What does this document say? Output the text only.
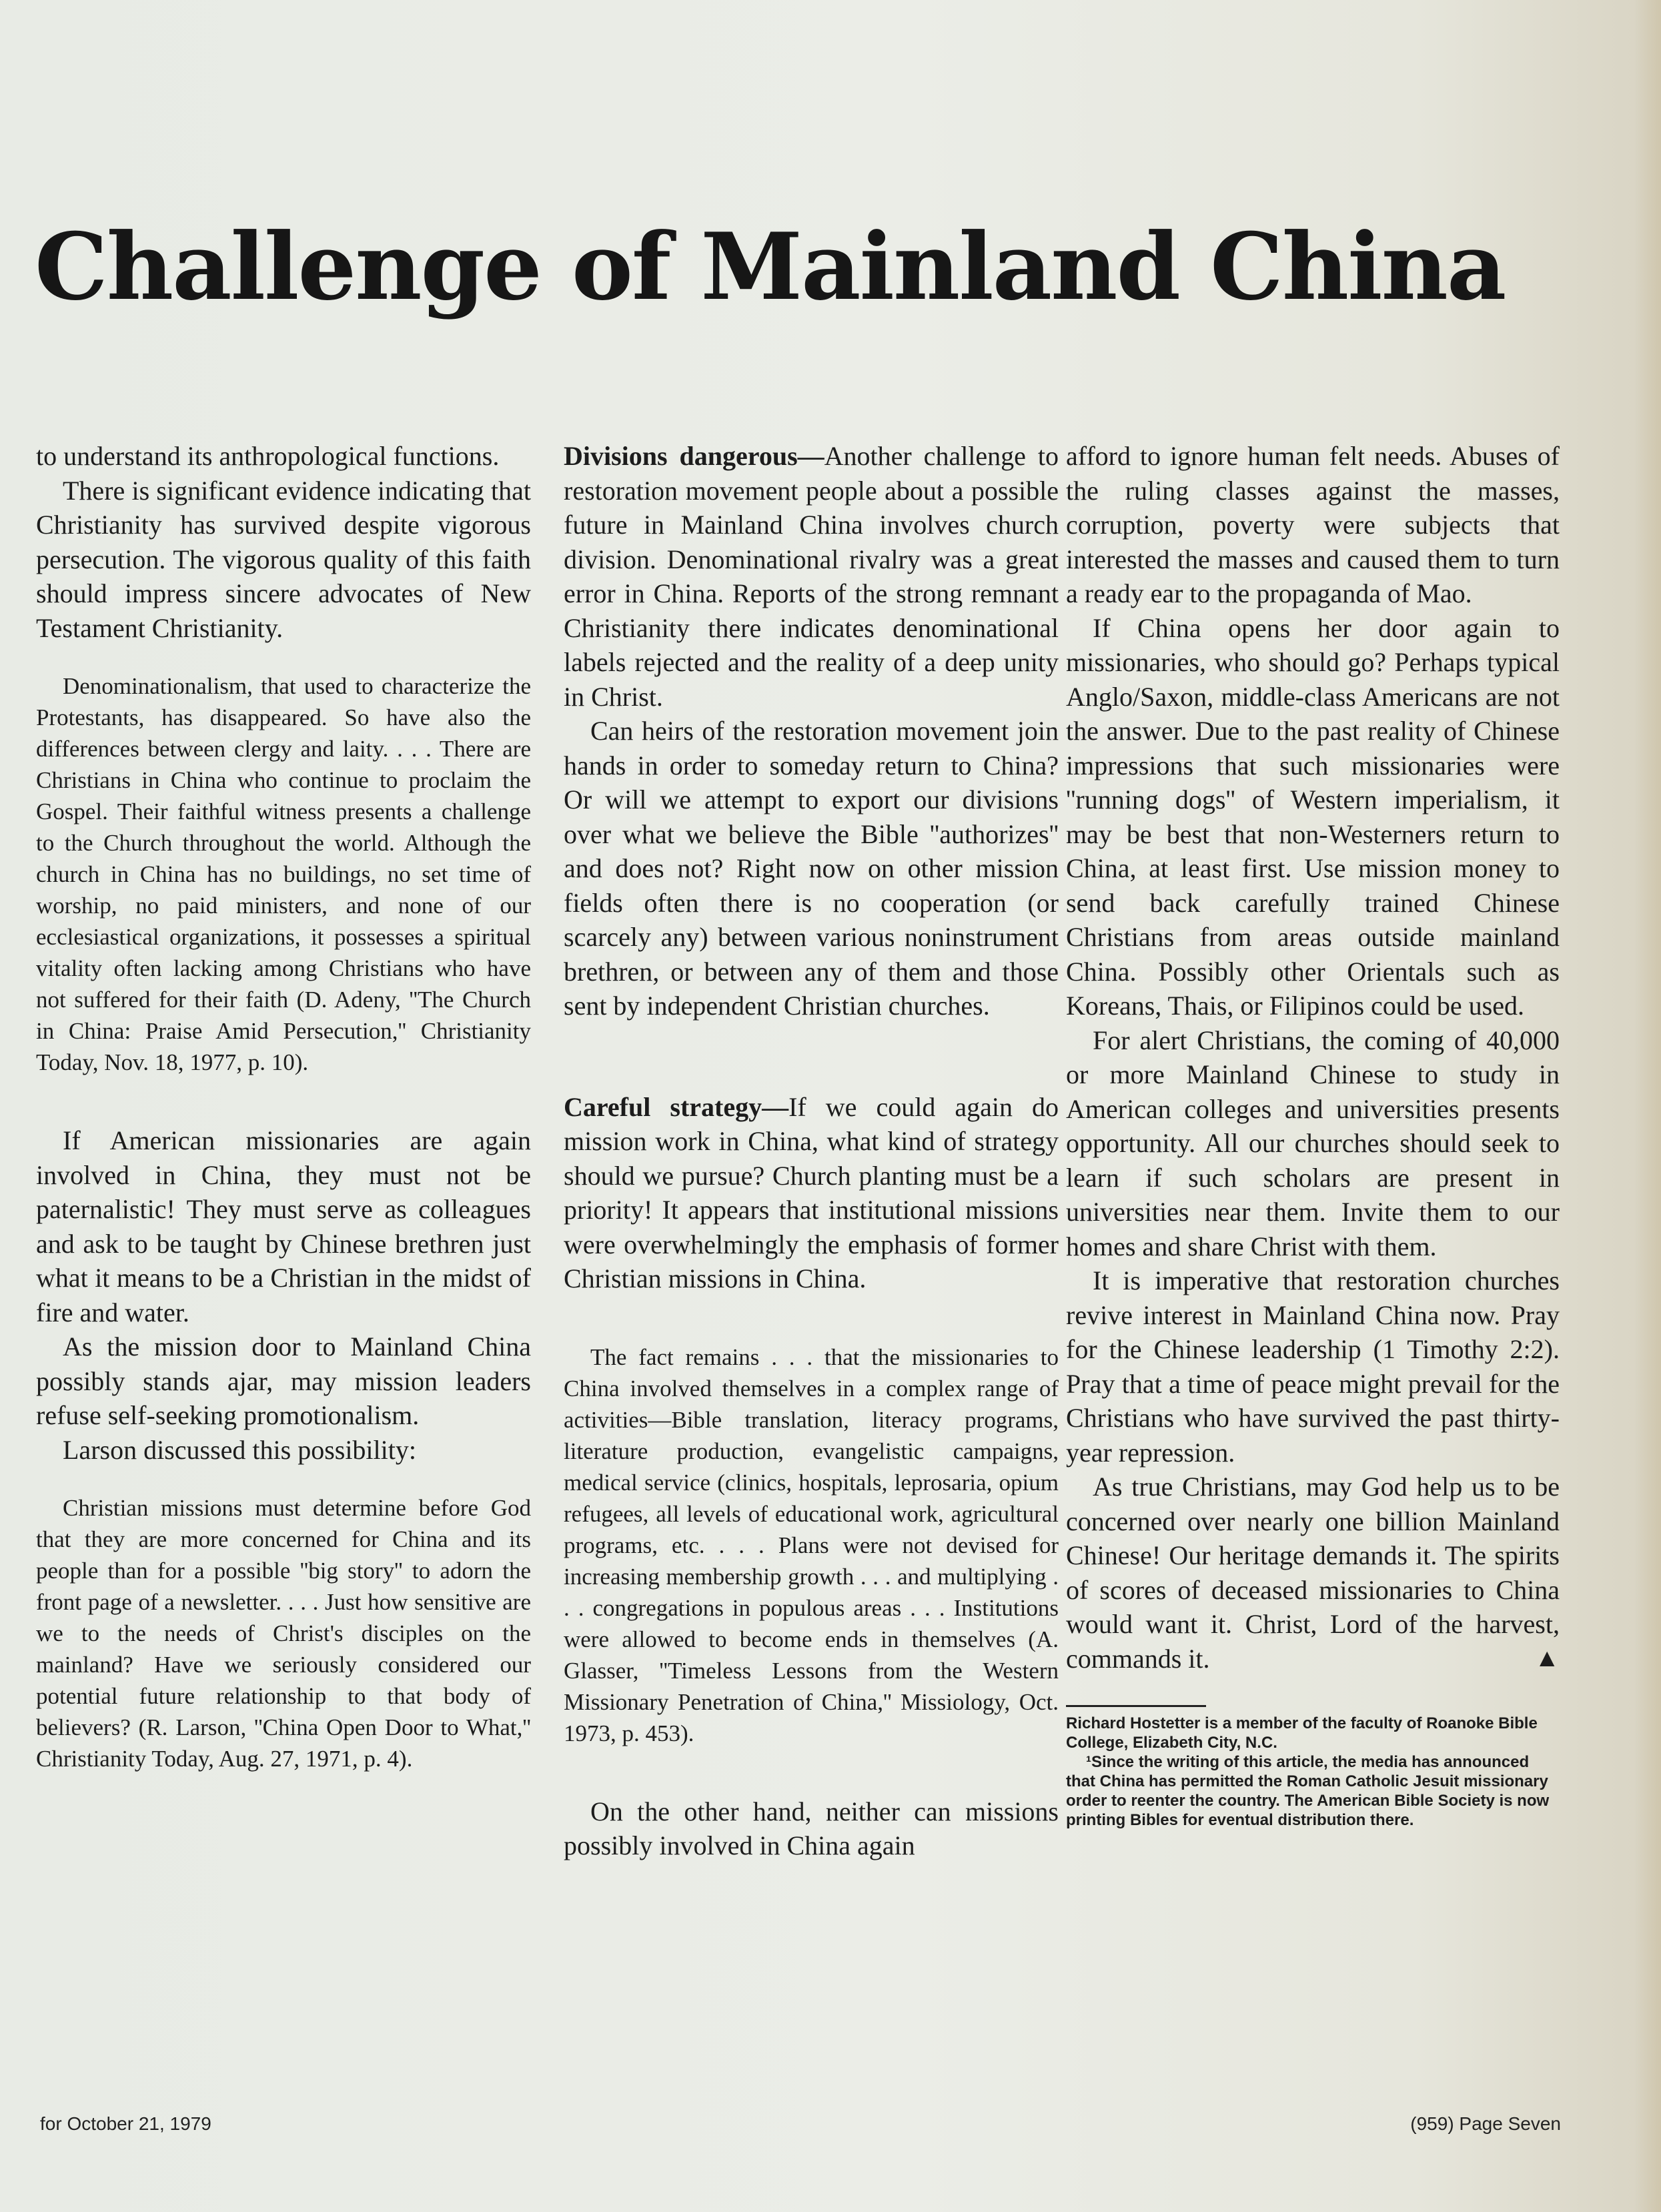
Challenge of Mainland China

to understand its anthropological functions.

There is significant evidence indicating that Christianity has survived despite vigorous persecution. The vigorous quality of this faith should impress sincere advocates of New Testament Christianity.

Denominationalism, that used to characterize the Protestants, has disappeared. So have also the differences between clergy and laity. . . . There are Christians in China who continue to proclaim the Gospel. Their faithful witness presents a challenge to the Church throughout the world. Although the church in China has no buildings, no set time of worship, no paid ministers, and none of our ecclesiastical organizations, it possesses a spiritual vitality often lacking among Christians who have not suffered for their faith (D. Adeny, ''The Church in China: Praise Amid Persecution,'' Christianity Today, Nov. 18, 1977, p. 10).

If American missionaries are again involved in China, they must not be paternalistic! They must serve as colleagues and ask to be taught by Chinese brethren just what it means to be a Christian in the midst of fire and water.

As the mission door to Mainland China possibly stands ajar, may mission leaders refuse self-seeking promotionalism.

Larson discussed this possibility:

Christian missions must determine before God that they are more concerned for China and its people than for a possible ''big story'' to adorn the front page of a newsletter. . . . Just how sensitive are we to the needs of Christ's disciples on the mainland? Have we seriously considered our potential future relationship to that body of believers? (R. Larson, ''China Open Door to What,'' Christianity Today, Aug. 27, 1971, p. 4).

Divisions dangerous—Another challenge to restoration movement people about a possible future in Mainland China involves church division. Denominational rivalry was a great error in China. Reports of the strong remnant Christianity there indicates denominational labels rejected and the reality of a deep unity in Christ.

Can heirs of the restoration movement join hands in order to someday return to China? Or will we attempt to export our divisions over what we believe the Bible ''authorizes'' and does not? Right now on other mission fields often there is no cooperation (or scarcely any) between various noninstrument brethren, or between any of them and those sent by independent Christian churches.

Careful strategy—If we could again do mission work in China, what kind of strategy should we pursue? Church planting must be a priority! It appears that institutional missions were overwhelmingly the emphasis of former Christian missions in China.

The fact remains . . . that the missionaries to China involved themselves in a complex range of activities—Bible translation, literacy programs, literature production, evangelistic campaigns, medical service (clinics, hospitals, leprosaria, opium refugees, all levels of educational work, agricultural programs, etc. . . . Plans were not devised for increasing membership growth . . . and multiplying . . . congregations in populous areas . . . Institutions were allowed to become ends in themselves (A. Glasser, ''Timeless Lessons from the Western Missionary Penetration of China,'' Missiology, Oct. 1973, p. 453).

On the other hand, neither can missions possibly involved in China again

afford to ignore human felt needs. Abuses of the ruling classes against the masses, corruption, poverty were subjects that interested the masses and caused them to turn a ready ear to the propaganda of Mao.

If China opens her door again to missionaries, who should go? Perhaps typical Anglo/Saxon, middle-class Americans are not the answer. Due to the past reality of Chinese impressions that such missionaries were ''running dogs'' of Western imperialism, it may be best that non-Westerners return to China, at least first. Use mission money to send back carefully trained Chinese Christians from areas outside mainland China. Possibly other Orientals such as Koreans, Thais, or Filipinos could be used.

For alert Christians, the coming of 40,000 or more Mainland Chinese to study in American colleges and universities presents opportunity. All our churches should seek to learn if such scholars are present in universities near them. Invite them to our homes and share Christ with them.

It is imperative that restoration churches revive interest in Mainland China now. Pray for the Chinese leadership (1 Timothy 2:2). Pray that a time of peace might prevail for the Christians who have survived the past thirty-year repression.

As true Christians, may God help us to be concerned over nearly one billion Mainland Chinese! Our heritage demands it. The spirits of scores of deceased missionaries to China would want it. Christ, Lord of the harvest, commands it.	▲

Richard Hostetter is a member of the faculty of Roanoke Bible College, Elizabeth City, N.C.

¹Since the writing of this article, the media has announced that China has permitted the Roman Catholic Jesuit missionary order to reenter the country. The American Bible Society is now printing Bibles for eventual distribution there.

for October 21, 1979	(959) Page Seven
